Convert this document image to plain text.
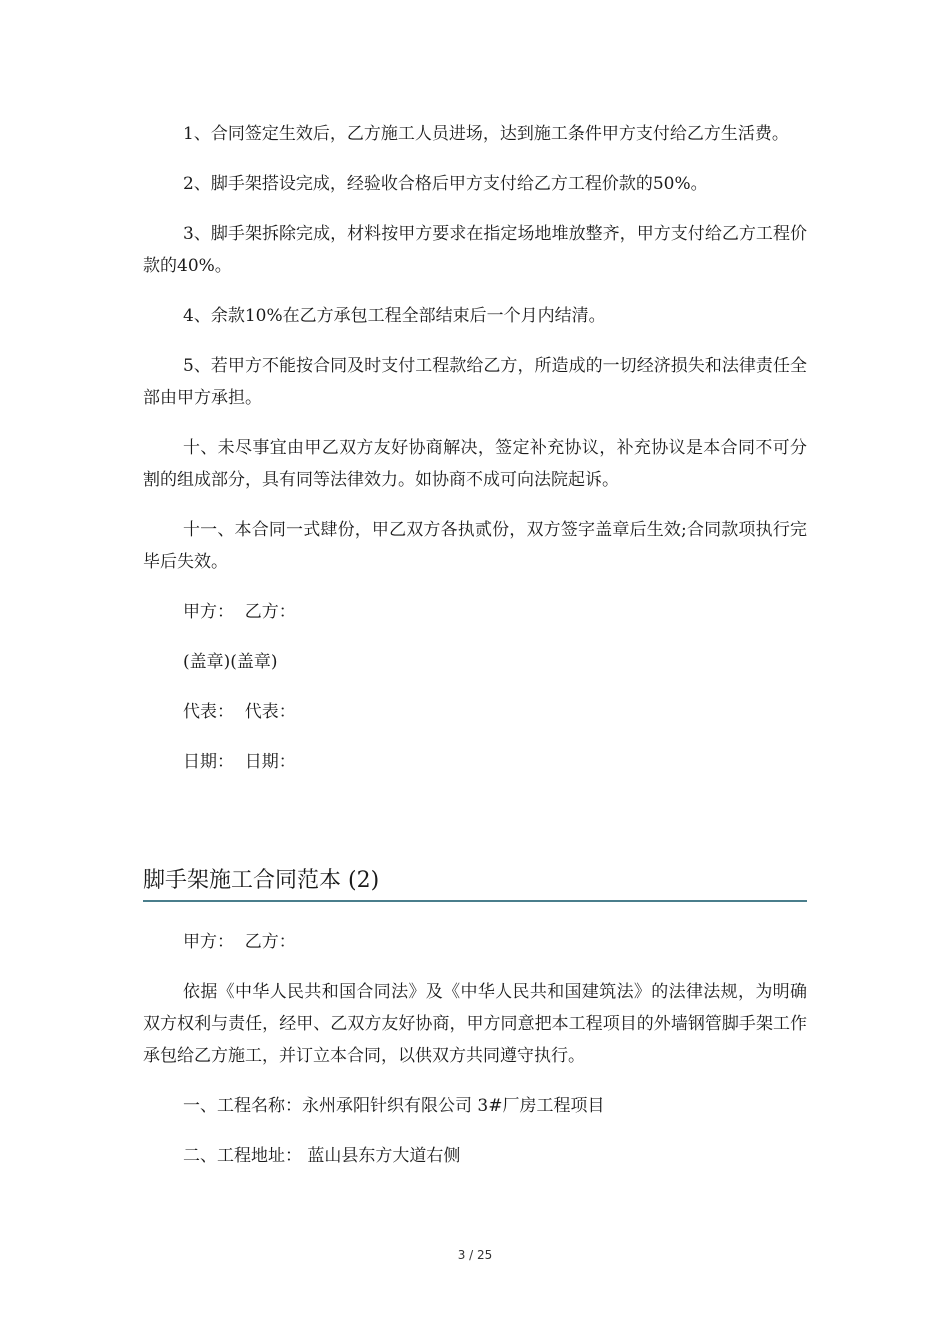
1、合同签定生效后，乙方施工人员进场，达到施工条件甲方支付给乙方生活费。

2、脚手架搭设完成，经验收合格后甲方支付给乙方工程价款的50%。

3、脚手架拆除完成，材料按甲方要求在指定场地堆放整齐，甲方支付给乙方工程价款的40%。

4、余款10%在乙方承包工程全部结束后一个月内结清。

5、若甲方不能按合同及时支付工程款给乙方，所造成的一切经济损失和法律责任全部由甲方承担。

十、未尽事宜由甲乙双方友好协商解决，签定补充协议，补充协议是本合同不可分割的组成部分，具有同等法律效力。如协商不成可向法院起诉。

十一、本合同一式肆份，甲乙双方各执贰份，双方签字盖章后生效;合同款项执行完毕后失效。

甲方：  乙方：
(盖章)(盖章)
代表：  代表：
日期：  日期：
脚手架施工合同范本 (2)
甲方：  乙方：

依据《中华人民共和国合同法》及《中华人民共和国建筑法》的法律法规，为明确双方权利与责任，经甲、乙双方友好协商，甲方同意把本工程项目的外墙钢管脚手架工作承包给乙方施工，并订立本合同，以供双方共同遵守执行。

一、工程名称：永州承阳针织有限公司 3#厂房工程项目

二、工程地址： 蓝山县东方大道右侧

3 / 25
